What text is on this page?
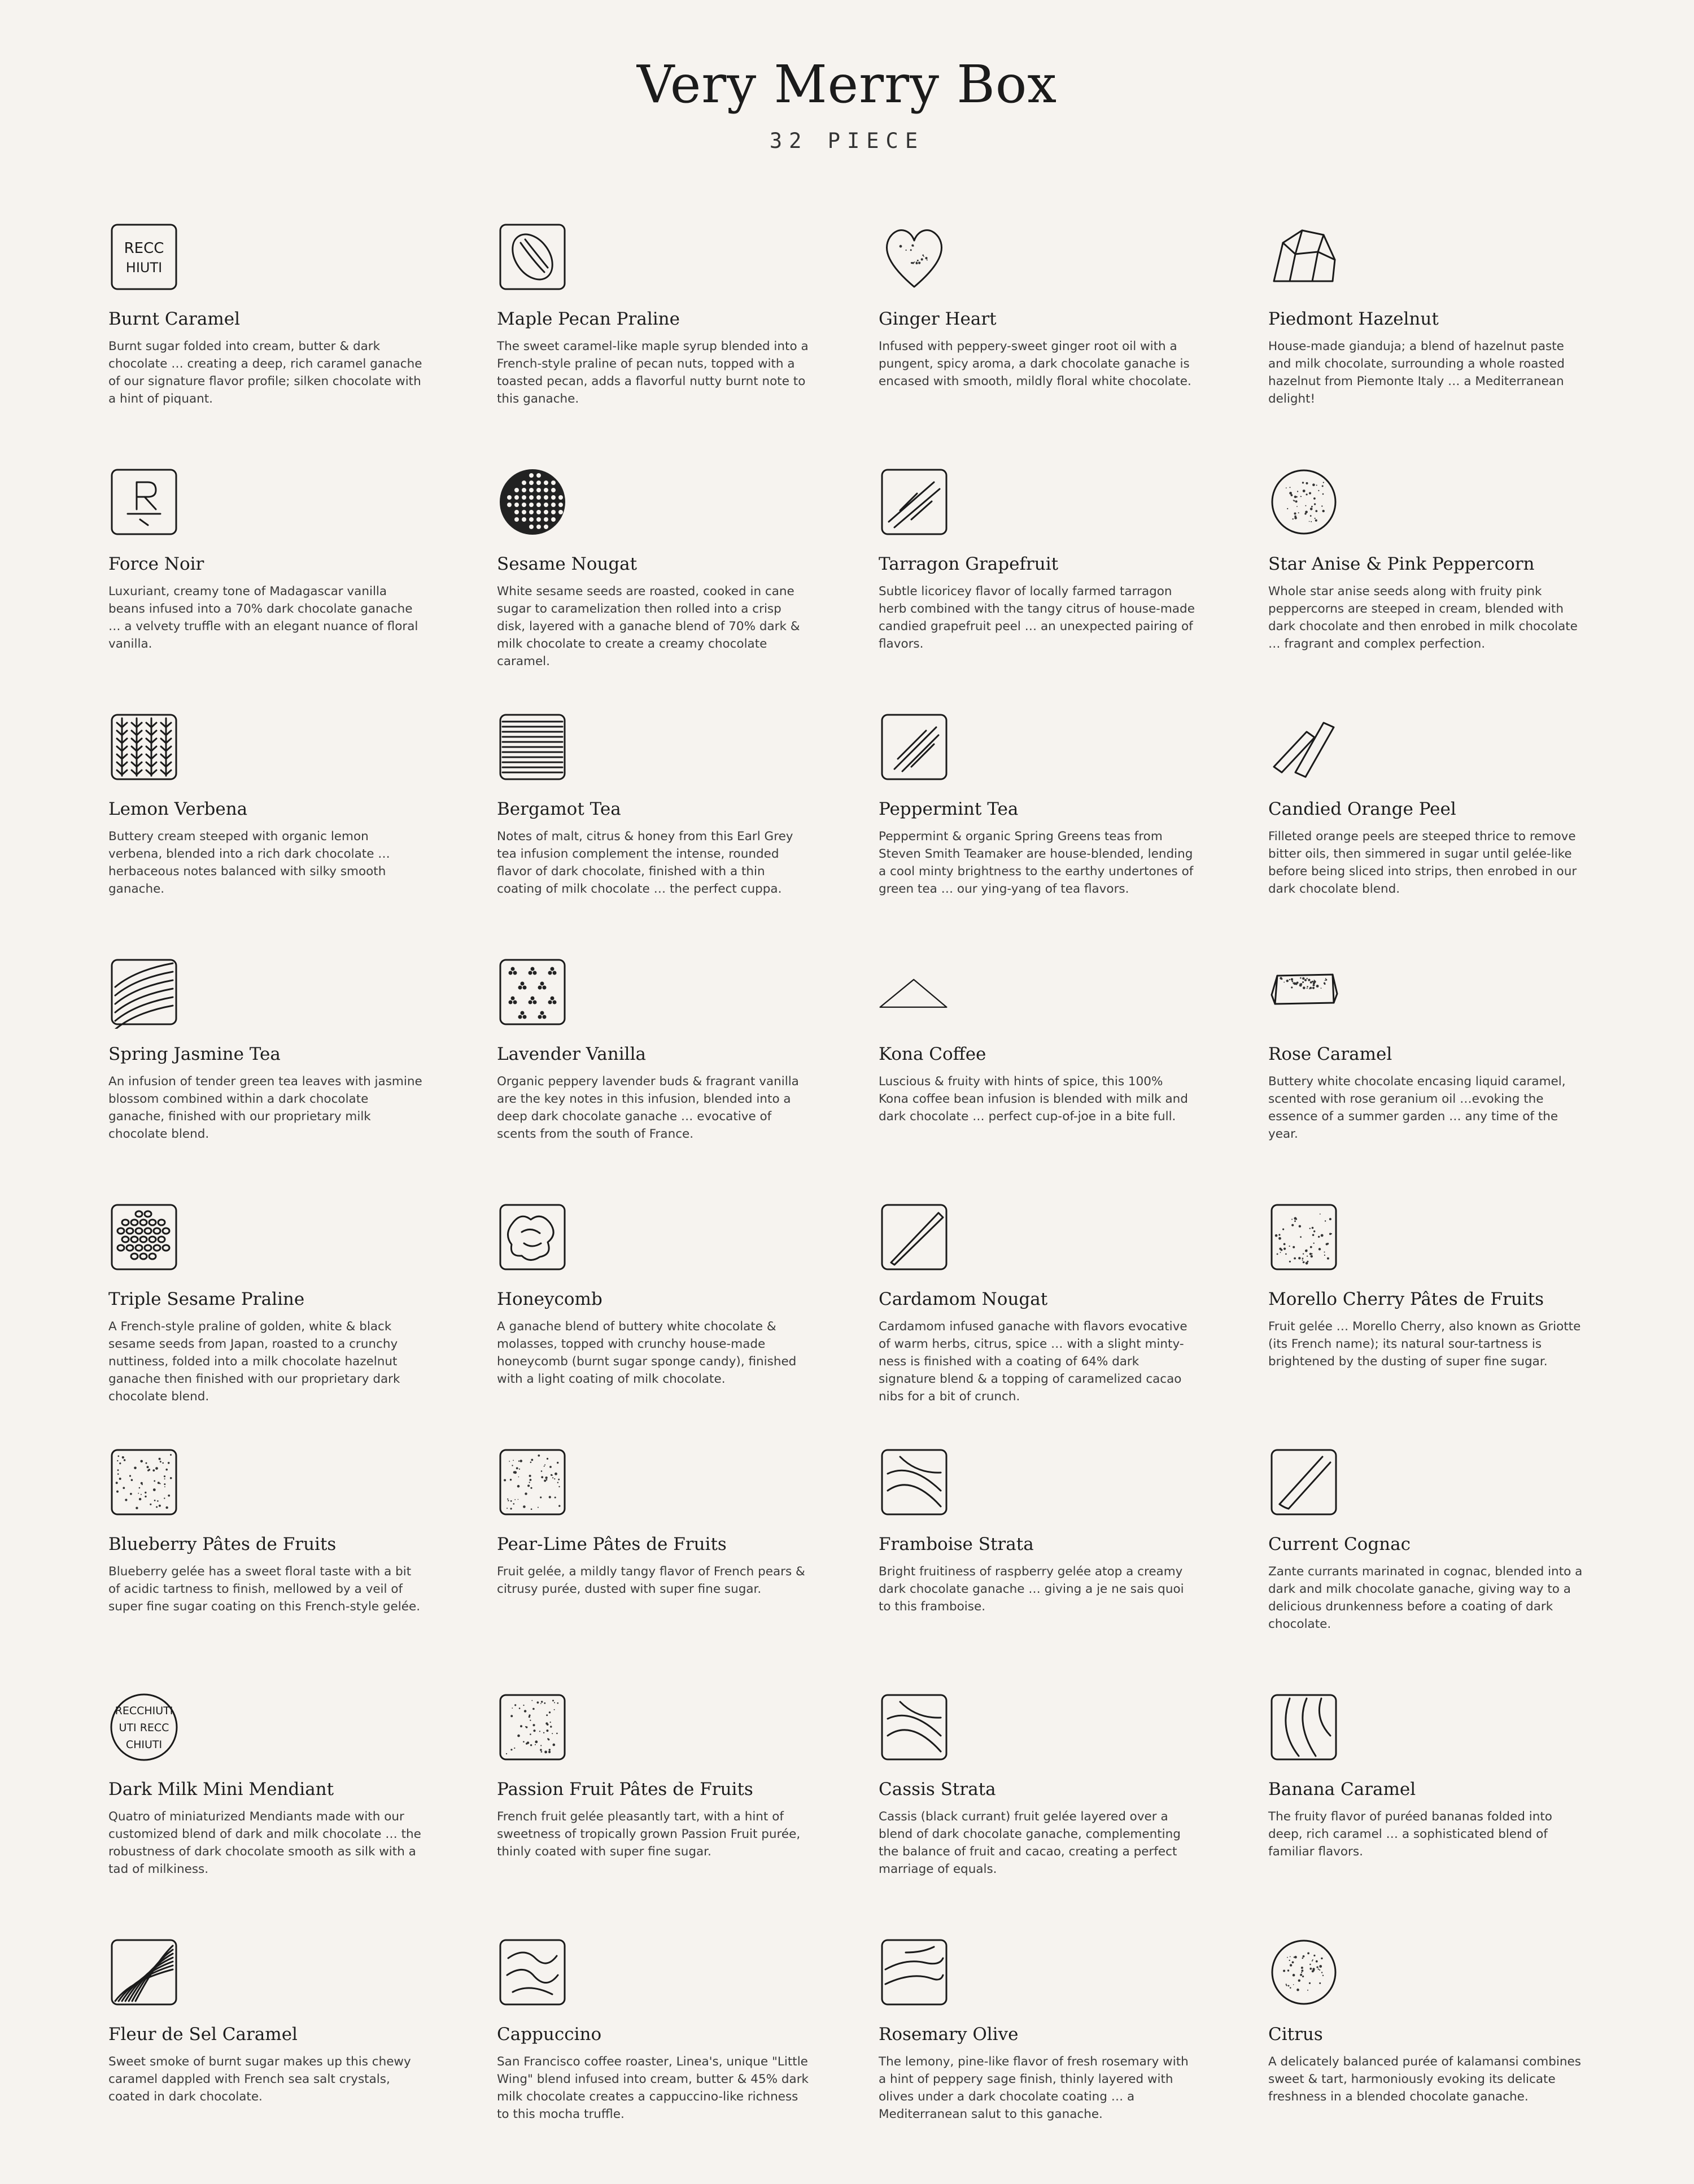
Very Merry Box
32 PIECE
RECC
HIUTI
Burnt Caramel

Burnt sugar folded into cream, butter & dark chocolate … creating a deep, rich caramel ganache of our signature flavor profile; silken chocolate with a hint of piquant.

Maple Pecan Praline

The sweet caramel-like maple syrup blended into a French-style praline of pecan nuts, topped with a toasted pecan, adds a flavorful nutty burnt note to this ganache.

Ginger Heart

Infused with peppery-sweet ginger root oil with a pungent, spicy aroma, a dark chocolate ganache is encased with smooth, mildly floral white chocolate.

Piedmont Hazelnut

House-made gianduja; a blend of hazelnut paste and milk chocolate, surrounding a whole roasted hazelnut from Piemonte Italy … a Mediterranean delight!

Force Noir

Luxuriant, creamy tone of Madagascar vanilla beans infused into a 70% dark chocolate ganache … a velvety truffle with an elegant nuance of floral vanilla.

Sesame Nougat

White sesame seeds are roasted, cooked in cane sugar to caramelization then rolled into a crisp disk, layered with a ganache blend of 70% dark & milk chocolate to create a creamy chocolate caramel.

Tarragon Grapefruit

Subtle licoricey flavor of locally farmed tarragon herb combined with the tangy citrus of house-made candied grapefruit peel … an unexpected pairing of flavors.

Star Anise & Pink Peppercorn

Whole star anise seeds along with fruity pink peppercorns are steeped in cream, blended with dark chocolate and then enrobed in milk chocolate … fragrant and complex perfection.

Lemon Verbena

Buttery cream steeped with organic lemon verbena, blended into a rich dark chocolate … herbaceous notes balanced with silky smooth ganache.

Bergamot Tea

Notes of malt, citrus & honey from this Earl Grey tea infusion complement the intense, rounded flavor of dark chocolate, finished with a thin coating of milk chocolate … the perfect cuppa.

Peppermint Tea

Peppermint & organic Spring Greens teas from Steven Smith Teamaker are house-blended, lending a cool minty brightness to the earthy undertones of green tea … our ying-yang of tea flavors.

Candied Orange Peel

Filleted orange peels are steeped thrice to remove bitter oils, then simmered in sugar until gelée-like before being sliced into strips, then enrobed in our dark chocolate blend.

Spring Jasmine Tea

An infusion of tender green tea leaves with jasmine blossom combined within a dark chocolate ganache, finished with our proprietary milk chocolate blend.

Lavender Vanilla

Organic peppery lavender buds & fragrant vanilla are the key notes in this infusion, blended into a deep dark chocolate ganache … evocative of scents from the south of France.

Kona Coffee

Luscious & fruity with hints of spice, this 100% Kona coffee bean infusion is blended with milk and dark chocolate … perfect cup-of-joe in a bite full.

Rose Caramel

Buttery white chocolate encasing liquid caramel, scented with rose geranium oil …evoking the essence of a summer garden … any time of the year.

Triple Sesame Praline

A French-style praline of golden, white & black sesame seeds from Japan, roasted to a crunchy nuttiness, folded into a milk chocolate hazelnut ganache then finished with our proprietary dark chocolate blend.

Honeycomb

A ganache blend of buttery white chocolate & molasses, topped with crunchy house-made honeycomb (burnt sugar sponge candy), finished with a light coating of milk chocolate.

Cardamom Nougat

Cardamom infused ganache with flavors evocative of warm herbs, citrus, spice … with a slight minty-ness is finished with a coating of 64% dark signature blend & a topping of caramelized cacao nibs for a bit of crunch.

Morello Cherry Pâtes de Fruits

Fruit gelée … Morello Cherry, also known as Griotte (its French name); its natural sour-tartness is brightened by the dusting of super fine sugar.

Blueberry Pâtes de Fruits

Blueberry gelée has a sweet floral taste with a bit of acidic tartness to finish, mellowed by a veil of super fine sugar coating on this French-style gelée.

Pear-Lime Pâtes de Fruits

Fruit gelée, a mildly tangy flavor of French pears & citrusy purée, dusted with super fine sugar.

Framboise Strata

Bright fruitiness of raspberry gelée atop a creamy dark chocolate ganache … giving a je ne sais quoi to this framboise.

Current Cognac

Zante currants marinated in cognac, blended into a dark and milk chocolate ganache, giving way to a delicious drunkenness before a coating of dark chocolate.

RECCHIUTI
UTI RECC
CHIUTI
Dark Milk Mini Mendiant

Quatro of miniaturized Mendiants made with our customized blend of dark and milk chocolate … the robustness of dark chocolate smooth as silk with a tad of milkiness.

Passion Fruit Pâtes de Fruits

French fruit gelée pleasantly tart, with a hint of sweetness of tropically grown Passion Fruit purée, thinly coated with super fine sugar.

Cassis Strata

Cassis (black currant) fruit gelée layered over a blend of dark chocolate ganache, complementing the balance of fruit and cacao, creating a perfect marriage of equals.

Banana Caramel

The fruity flavor of puréed bananas folded into deep, rich caramel … a sophisticated blend of familiar flavors.

Fleur de Sel Caramel

Sweet smoke of burnt sugar makes up this chewy caramel dappled with French sea salt crystals, coated in dark chocolate.

Cappuccino

San Francisco coffee roaster, Linea's, unique "Little Wing" blend infused into cream, butter & 45% dark milk chocolate creates a cappuccino-like richness to this mocha truffle.

Rosemary Olive

The lemony, pine-like flavor of fresh rosemary with a hint of peppery sage finish, thinly layered with olives under a dark chocolate coating … a Mediterranean salut to this ganache.

Citrus

A delicately balanced purée of kalamansi combines sweet & tart, harmoniously evoking its delicate freshness in a blended chocolate ganache.
